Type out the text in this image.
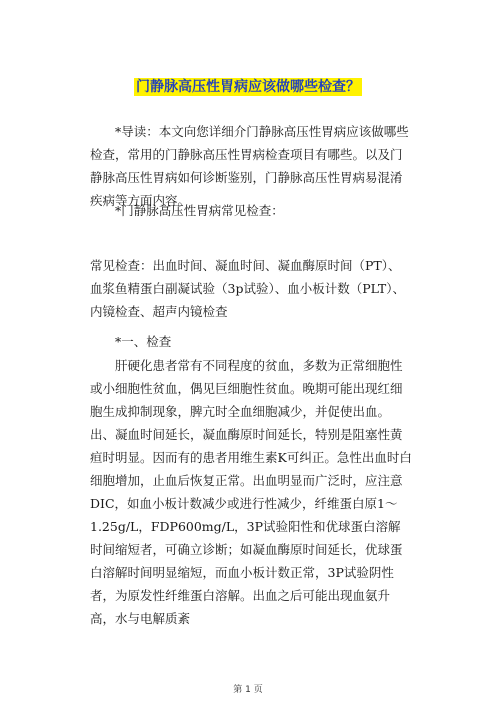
门静脉高压性胃病应该做哪些检查？

*导读：本文向您详细介门静脉高压性胃病应该做哪些检查，常用的门静脉高压性胃病检查项目有哪些。以及门静脉高压性胃病如何诊断鉴别，门静脉高压性胃病易混淆疾病等方面内容。

*门静脉高压性胃病常见检查：

常见检查：出血时间、凝血时间、凝血酶原时间（PT）、血浆鱼精蛋白副凝试验（3p试验）、血小板计数（PLT）、内镜检查、超声内镜检查

*一、检查

肝硬化患者常有不同程度的贫血，多数为正常细胞性或小细胞性贫血，偶见巨细胞性贫血。晚期可能出现红细胞生成抑制现象，脾亢时全血细胞减少，并促使出血。出、凝血时间延长，凝血酶原时间延长，特别是阻塞性黄疸时明显。因而有的患者用维生素K可纠正。急性出血时白细胞增加，止血后恢复正常。出血明显而广泛时，应注意DIC，如血小板计数减少或进行性减少，纤维蛋白原1～1.25g/L，FDP600mg/L，3P试验阳性和优球蛋白溶解时间缩短者，可确立诊断；如凝血酶原时间延长，优球蛋白溶解时间明显缩短，而血小板计数正常，3P试验阴性者，为原发性纤维蛋白溶解。出血之后可能出现血氨升高，水与电解质紊

第 1 页
